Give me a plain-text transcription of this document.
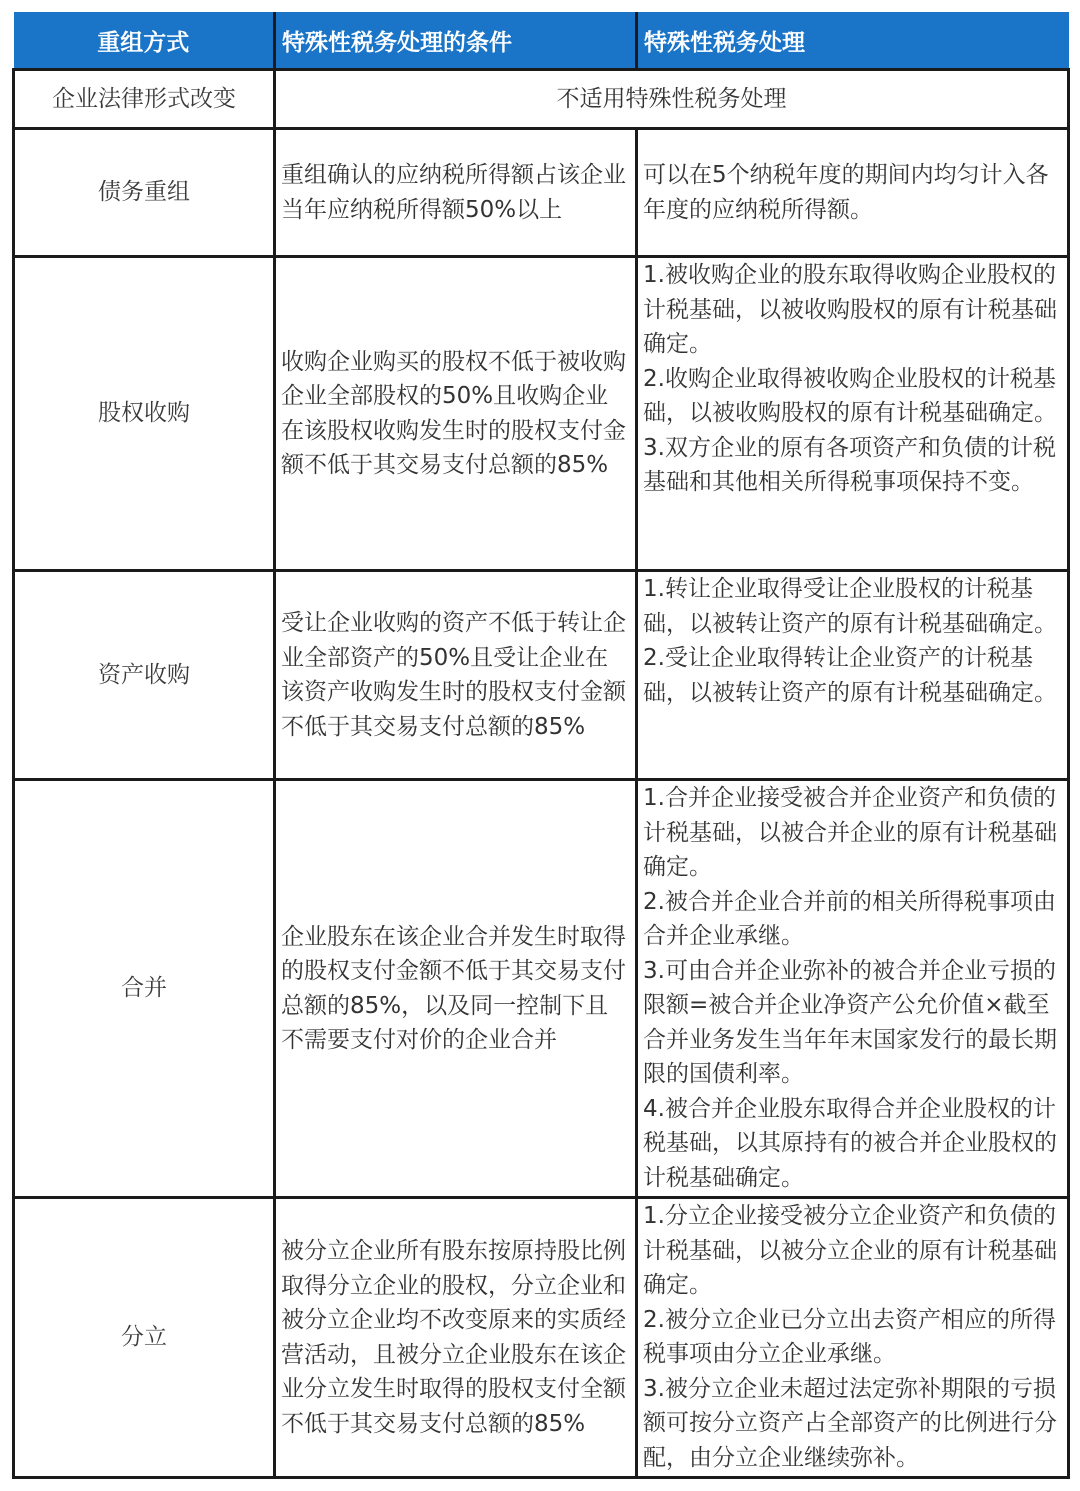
重组方式	特殊性税务处理的条件	特殊性税务处理
企业法律形式改变	不适用特殊性税务处理	
债务重组	重组确认的应纳税所得额占该企业当年应纳税所得额50%以上	可以在5个纳税年度的期间内均匀计入各年度的应纳税所得额。

股权收购	收购企业购买的股权不低于被收购企业全部股权的50%且收购企业在该股权收购发生时的股权支付金额不低于其交易支付总额的85%	1.被收购企业的股东取得收购企业股权的计税基础，以被收购股权的原有计税基础确定。
2.收购企业取得被收购企业股权的计税基础，以被收购股权的原有计税基础确定。
3.双方企业的原有各项资产和负债的计税基础和其他相关所得税事项保持不变。

资产收购	受让企业收购的资产不低于转让企业全部资产的50%且受让企业在该资产收购发生时的股权支付金额不低于其交易支付总额的85%	1.转让企业取得受让企业股权的计税基础，以被转让资产的原有计税基础确定。
2.受让企业取得转让企业资产的计税基础，以被转让资产的原有计税基础确定。

合并	企业股东在该企业合并发生时取得的股权支付金额不低于其交易支付总额的85%，以及同一控制下且不需要支付对价的企业合并	1.合并企业接受被合并企业资产和负债的计税基础，以被合并企业的原有计税基础确定。
2.被合并企业合并前的相关所得税事项由合并企业承继。
3.可由合并企业弥补的被合并企业亏损的限额=被合并企业净资产公允价值×截至合并业务发生当年年末国家发行的最长期限的国债利率。
4.被合并企业股东取得合并企业股权的计税基础，以其原持有的被合并企业股权的计税基础确定。

分立	被分立企业所有股东按原持股比例取得分立企业的股权，分立企业和被分立企业均不改变原来的实质经营活动，且被分立企业股东在该企业分立发生时取得的股权支付全额不低于其交易支付总额的85%	1.分立企业接受被分立企业资产和负债的计税基础，以被分立企业的原有计税基础确定。
2.被分立企业已分立出去资产相应的所得税事项由分立企业承继。
3.被分立企业未超过法定弥补期限的亏损额可按分立资产占全部资产的比例进行分配，由分立企业继续弥补。
